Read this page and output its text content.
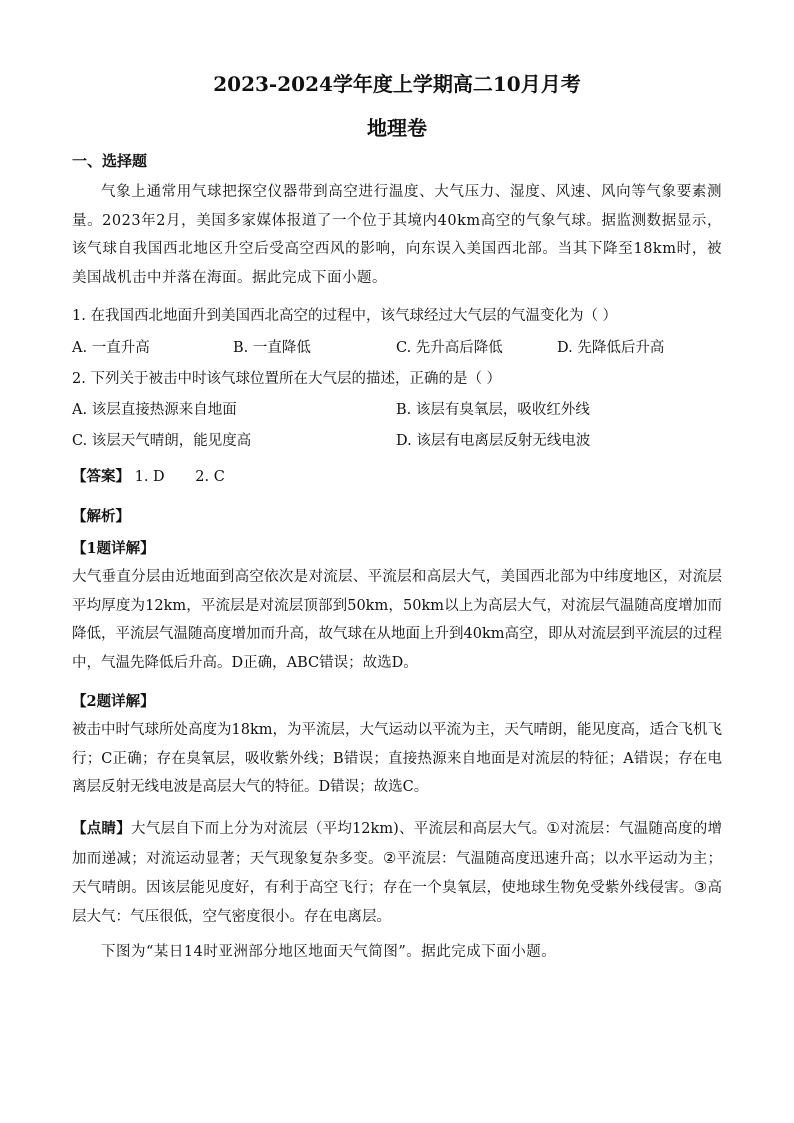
2023-2024学年度上学期高二10月月考
地理卷
一、选择题
气象上通常用气球把探空仪器带到高空进行温度、大气压力、湿度、风速、风向等气象要素测量。2023年2月，美国多家媒体报道了一个位于其境内40km高空的气象气球。据监测数据显示，该气球自我国西北地区升空后受高空西风的影响，向东误入美国西北部。当其下降至18km时，被美国战机击中并落在海面。据此完成下面小题。
1. 在我国西北地面升到美国西北高空的过程中，该气球经过大气层的气温变化为（ ）
A. 一直升高	B. 一直降低	C. 先升高后降低	D. 先降低后升高
2. 下列关于被击中时该气球位置所在大气层的描述，正确的是（ ）
A. 该层直接热源来自地面	B. 该层有臭氧层，吸收红外线
C. 该层天气晴朗，能见度高	D. 该层有电离层反射无线电波
【答案】 1. D 2. C
【解析】
【1题详解】
大气垂直分层由近地面到高空依次是对流层、平流层和高层大气，美国西北部为中纬度地区，对流层平均厚度为12km，平流层是对流层顶部到50km，50km以上为高层大气，对流层气温随高度增加而降低，平流层气温随高度增加而升高，故气球在从地面上升到40km高空，即从对流层到平流层的过程中，气温先降低后升高。D正确，ABC错误；故选D。
【2题详解】
被击中时气球所处高度为18km，为平流层，大气运动以平流为主，天气晴朗，能见度高，适合飞机飞行；C正确；存在臭氧层，吸收紫外线；B错误；直接热源来自地面是对流层的特征；A错误；存在电离层反射无线电波是高层大气的特征。D错误；故选C。
【点睛】大气层自下而上分为对流层（平均12km)、平流层和高层大气。①对流层：气温随高度的增加而递减；对流运动显著；天气现象复杂多变。②平流层：气温随高度迅速升高；以水平运动为主；天气晴朗。因该层能见度好，有利于高空飞行；存在一个臭氧层，使地球生物免受紫外线侵害。③高层大气：气压很低，空气密度很小。存在电离层。
下图为“某日14时亚洲部分地区地面天气简图”。据此完成下面小题。
